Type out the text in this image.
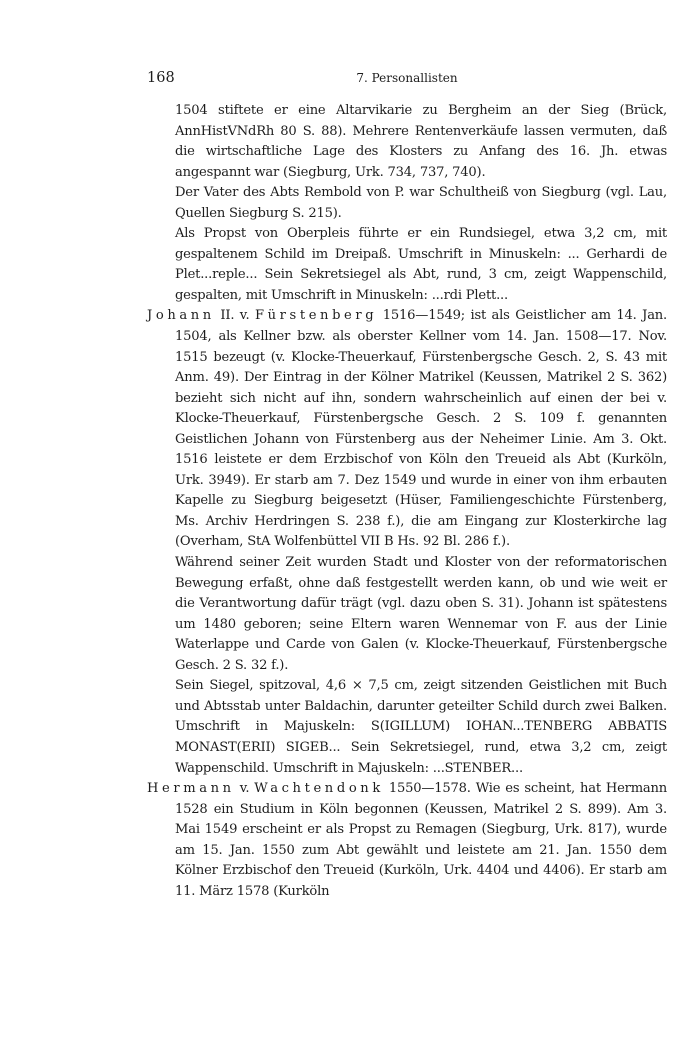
168	7. Personallisten

1504 stiftete er eine Altarvikarie zu Bergheim an der Sieg (Brück, AnnHistVNdRh 80 S. 88). Mehrere Rentenverkäufe lassen vermuten, daß die wirtschaftliche Lage des Klosters zu Anfang des 16. Jh. etwas angespannt war (Siegburg, Urk. 734, 737, 740).

Der Vater des Abts Rembold von P. war Schultheiß von Siegburg (vgl. Lau, Quellen Siegburg S. 215).

Als Propst von Oberpleis führte er ein Rundsiegel, etwa 3,2 cm, mit gespaltenem Schild im Dreipaß. Umschrift in Minuskeln: ... Gerhardi de Plet...reple... Sein Sekretsiegel als Abt, rund, 3 cm, zeigt Wappenschild, gespalten, mit Umschrift in Minuskeln: ...rdi Plett...

Johann II. v. Fürstenberg 1516—1549; ist als Geistlicher am 14. Jan. 1504, als Kellner bzw. als oberster Kellner vom 14. Jan. 1508—17. Nov. 1515 bezeugt (v. Klocke-Theuerkauf, Fürstenbergsche Gesch. 2, S. 43 mit Anm. 49). Der Eintrag in der Kölner Matrikel (Keussen, Matrikel 2 S. 362) bezieht sich nicht auf ihn, sondern wahrscheinlich auf einen der bei v. Klocke-Theuerkauf, Fürstenbergsche Gesch. 2 S. 109 f. genannten Geistlichen Johann von Fürstenberg aus der Neheimer Linie. Am 3. Okt. 1516 leistete er dem Erzbischof von Köln den Treueid als Abt (Kurköln, Urk. 3949). Er starb am 7. Dez 1549 und wurde in einer von ihm erbauten Kapelle zu Siegburg beigesetzt (Hüser, Familiengeschichte Fürstenberg, Ms. Archiv Herdringen S. 238 f.), die am Eingang zur Klosterkirche lag (Overham, StA Wolfenbüttel VII B Hs. 92 Bl. 286 f.).

Während seiner Zeit wurden Stadt und Kloster von der reformatorischen Bewegung erfaßt, ohne daß festgestellt werden kann, ob und wie weit er die Verantwortung dafür trägt (vgl. dazu oben S. 31). Johann ist spätestens um 1480 geboren; seine Eltern waren Wennemar von F. aus der Linie Waterlappe und Carde von Galen (v. Klocke-Theuerkauf, Fürstenbergsche Gesch. 2 S. 32 f.).

Sein Siegel, spitzoval, 4,6 × 7,5 cm, zeigt sitzenden Geistlichen mit Buch und Abtsstab unter Baldachin, darunter geteilter Schild durch zwei Balken. Umschrift in Majuskeln: S(IGILLUM) IOHAN...TENBERG ABBATIS MONAST(ERII) SIGEB... Sein Sekretsiegel, rund, etwa 3,2 cm, zeigt Wappenschild. Umschrift in Majuskeln: ...STENBER...

Hermann v. Wachtendonk 1550—1578. Wie es scheint, hat Hermann 1528 ein Studium in Köln begonnen (Keussen, Matrikel 2 S. 899). Am 3. Mai 1549 erscheint er als Propst zu Remagen (Siegburg, Urk. 817), wurde am 15. Jan. 1550 zum Abt gewählt und leistete am 21. Jan. 1550 dem Kölner Erzbischof den Treueid (Kurköln, Urk. 4404 und 4406). Er starb am 11. März 1578 (Kurköln
